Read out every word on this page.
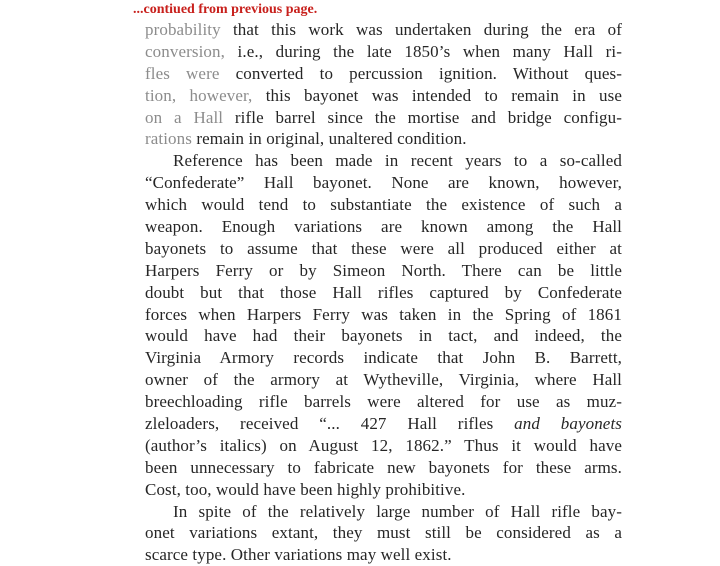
...contiued from previous page.

probability that this work was undertaken during the era of
conversion, i.e., during the late 1850’s when many Hall ri-
fles were converted to percussion ignition. Without ques-
tion, however, this bayonet was intended to remain in use
on a Hall rifle barrel since the mortise and bridge configu-
rations remain in original, unaltered condition.
Reference has been made in recent years to a so-called
“Confederate” Hall bayonet. None are known, however,
which would tend to substantiate the existence of such a
weapon. Enough variations are known among the Hall
bayonets to assume that these were all produced either at
Harpers Ferry or by Simeon North. There can be little
doubt but that those Hall rifles captured by Confederate
forces when Harpers Ferry was taken in the Spring of 1861
would have had their bayonets in tact, and indeed, the
Virginia Armory records indicate that John B. Barrett,
owner of the armory at Wytheville, Virginia, where Hall
breechloading rifle barrels were altered for use as muz-
zleloaders, received “... 427 Hall rifles and bayonets
(author’s italics) on August 12, 1862.” Thus it would have
been unnecessary to fabricate new bayonets for these arms.
Cost, too, would have been highly prohibitive.
In spite of the relatively large number of Hall rifle bay-
onet variations extant, they must still be considered as a
scarce type. Other variations may well exist.
